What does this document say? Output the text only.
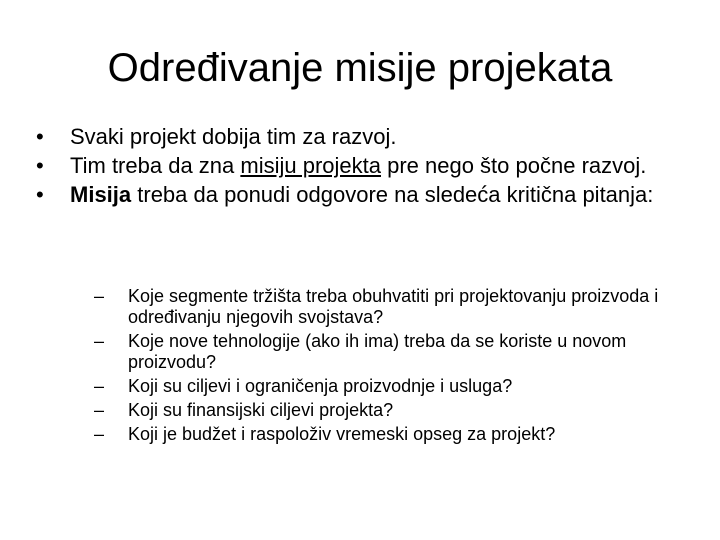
Određivanje misije projekata
• Svaki projekt dobija tim za razvoj.
• Tim treba da zna misiju projekta pre nego što počne razvoj.
• Misija treba da ponudi odgovore na sledeća kritična pitanja:
– Koje segmente tržišta treba obuhvatiti pri projektovanju proizvoda i određivanju njegovih svojstava?
– Koje nove tehnologije (ako ih ima) treba da se koriste u novom proizvodu?
– Koji su ciljevi i ograničenja proizvodnje i usluga?
– Koji su finansijski ciljevi projekta?
– Koji je budžet i raspoloživ vremeski opseg za projekt?
